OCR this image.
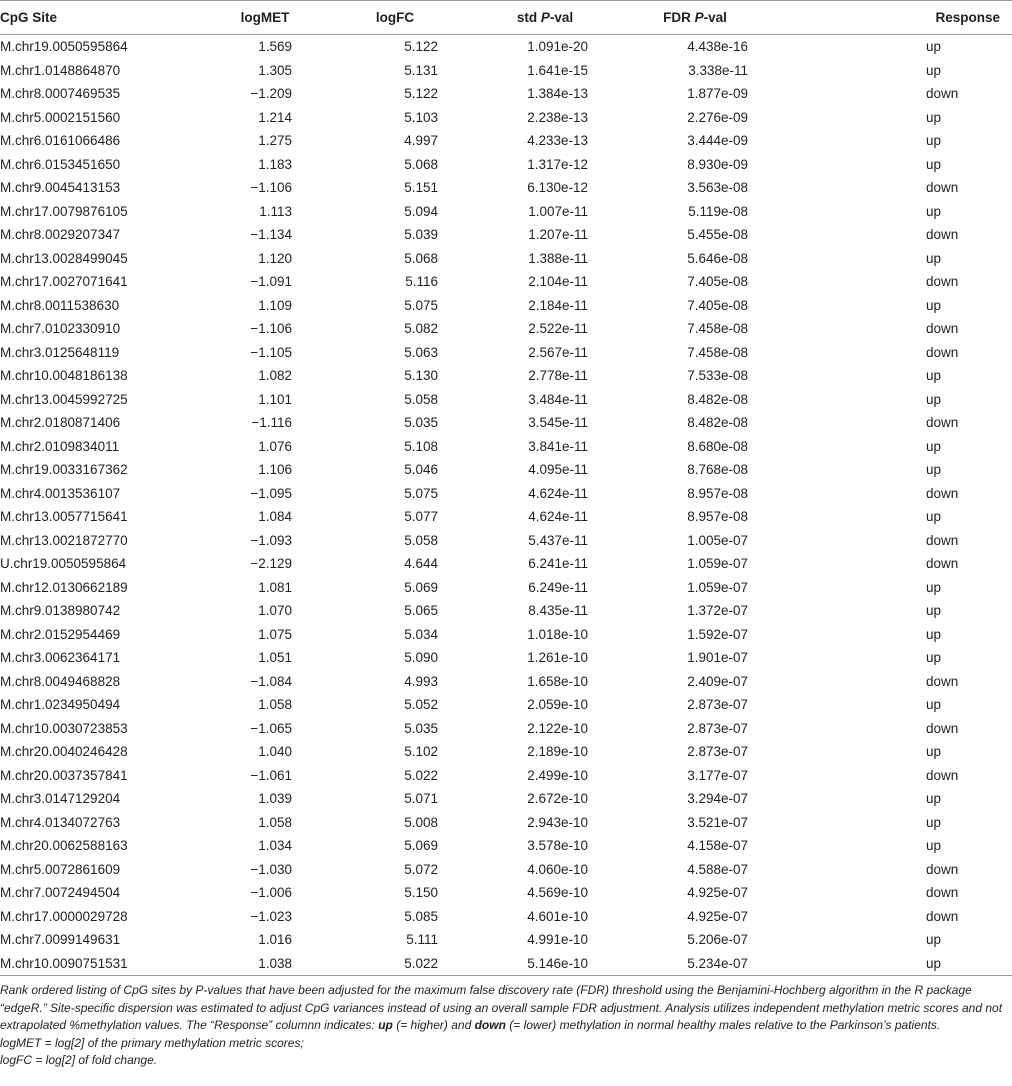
CpG Site	logMET	logFC	std P-val	FDR P-val	Response
M.chr19.0050595864	1.569	5.122	1.091e-20	4.438e-16	up
M.chr1.0148864870	1.305	5.131	1.641e-15	3.338e-11	up
M.chr8.0007469535	−1.209	5.122	1.384e-13	1.877e-09	down
M.chr5.0002151560	1.214	5.103	2.238e-13	2.276e-09	up
M.chr6.0161066486	1.275	4.997	4.233e-13	3.444e-09	up
M.chr6.0153451650	1.183	5.068	1.317e-12	8.930e-09	up
M.chr9.0045413153	−1.106	5.151	6.130e-12	3.563e-08	down
M.chr17.0079876105	1.113	5.094	1.007e-11	5.119e-08	up
M.chr8.0029207347	−1.134	5.039	1.207e-11	5.455e-08	down
M.chr13.0028499045	1.120	5.068	1.388e-11	5.646e-08	up
M.chr17.0027071641	−1.091	5.116	2.104e-11	7.405e-08	down
M.chr8.0011538630	1.109	5.075	2.184e-11	7.405e-08	up
M.chr7.0102330910	−1.106	5.082	2.522e-11	7.458e-08	down
M.chr3.0125648119	−1.105	5.063	2.567e-11	7.458e-08	down
M.chr10.0048186138	1.082	5.130	2.778e-11	7.533e-08	up
M.chr13.0045992725	1.101	5.058	3.484e-11	8.482e-08	up
M.chr2.0180871406	−1.116	5.035	3.545e-11	8.482e-08	down
M.chr2.0109834011	1.076	5.108	3.841e-11	8.680e-08	up
M.chr19.0033167362	1.106	5.046	4.095e-11	8.768e-08	up
M.chr4.0013536107	−1.095	5.075	4.624e-11	8.957e-08	down
M.chr13.0057715641	1.084	5.077	4.624e-11	8.957e-08	up
M.chr13.0021872770	−1.093	5.058	5.437e-11	1.005e-07	down
U.chr19.0050595864	−2.129	4.644	6.241e-11	1.059e-07	down
M.chr12.0130662189	1.081	5.069	6.249e-11	1.059e-07	up
M.chr9.0138980742	1.070	5.065	8.435e-11	1.372e-07	up
M.chr2.0152954469	1.075	5.034	1.018e-10	1.592e-07	up
M.chr3.0062364171	1.051	5.090	1.261e-10	1.901e-07	up
M.chr8.0049468828	−1.084	4.993	1.658e-10	2.409e-07	down
M.chr1.0234950494	1.058	5.052	2.059e-10	2.873e-07	up
M.chr10.0030723853	−1.065	5.035	2.122e-10	2.873e-07	down
M.chr20.0040246428	1.040	5.102	2.189e-10	2.873e-07	up
M.chr20.0037357841	−1.061	5.022	2.499e-10	3.177e-07	down
M.chr3.0147129204	1.039	5.071	2.672e-10	3.294e-07	up
M.chr4.0134072763	1.058	5.008	2.943e-10	3.521e-07	up
M.chr20.0062588163	1.034	5.069	3.578e-10	4.158e-07	up
M.chr5.0072861609	−1.030	5.072	4.060e-10	4.588e-07	down
M.chr7.0072494504	−1.006	5.150	4.569e-10	4.925e-07	down
M.chr17.0000029728	−1.023	5.085	4.601e-10	4.925e-07	down
M.chr7.0099149631	1.016	5.111	4.991e-10	5.206e-07	up
M.chr10.0090751531	1.038	5.022	5.146e-10	5.234e-07	up

Rank ordered listing of CpG sites by P-values that have been adjusted for the maximum false discovery rate (FDR) threshold using the Benjamini-Hochberg algorithm in the R package “edgeR.” Site-specific dispersion was estimated to adjust CpG variances instead of using an overall sample FDR adjustment. Analysis utilizes independent methylation metric scores and not extrapolated %methylation values. The “Response” columnn indicates: up (= higher) and down (= lower) methylation in normal healthy males relative to the Parkinson’s patients.

logMET = log[2] of the primary methylation metric scores;

logFC = log[2] of fold change.
